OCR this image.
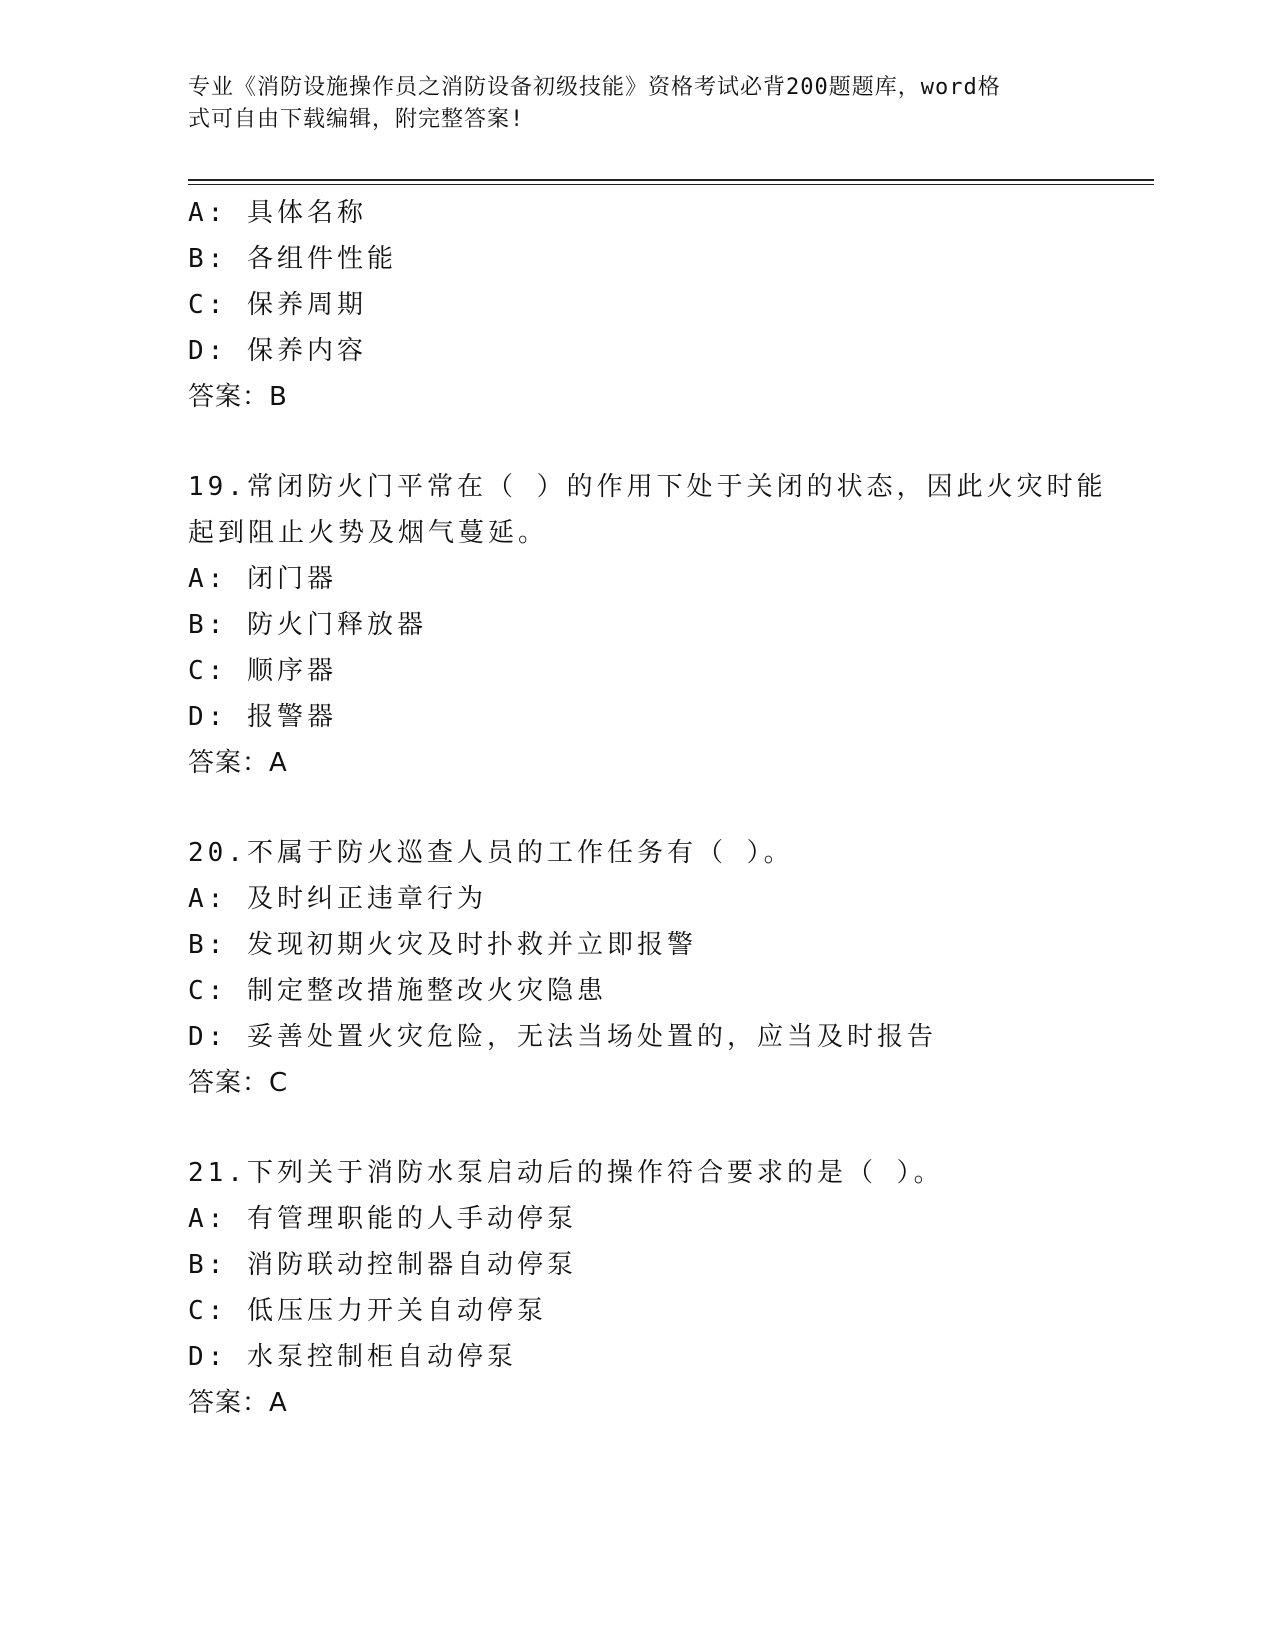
专业《消防设施操作员之消防设备初级技能》资格考试必背200题题库，word格
式可自由下载编辑，附完整答案!
A: 具体名称
B: 各组件性能
C: 保养周期
D: 保养内容
答案：B
19.常闭防火门平常在（ ）的作用下处于关闭的状态，因此火灾时能
起到阻止火势及烟气蔓延。
A: 闭门器
B: 防火门释放器
C: 顺序器
D: 报警器
答案：A
20.不属于防火巡查人员的工作任务有（ ）。
A: 及时纠正违章行为
B: 发现初期火灾及时扑救并立即报警
C: 制定整改措施整改火灾隐患
D: 妥善处置火灾危险，无法当场处置的，应当及时报告
答案：C
21.下列关于消防水泵启动后的操作符合要求的是（ ）。
A: 有管理职能的人手动停泵
B: 消防联动控制器自动停泵
C: 低压压力开关自动停泵
D: 水泵控制柜自动停泵
答案：A
